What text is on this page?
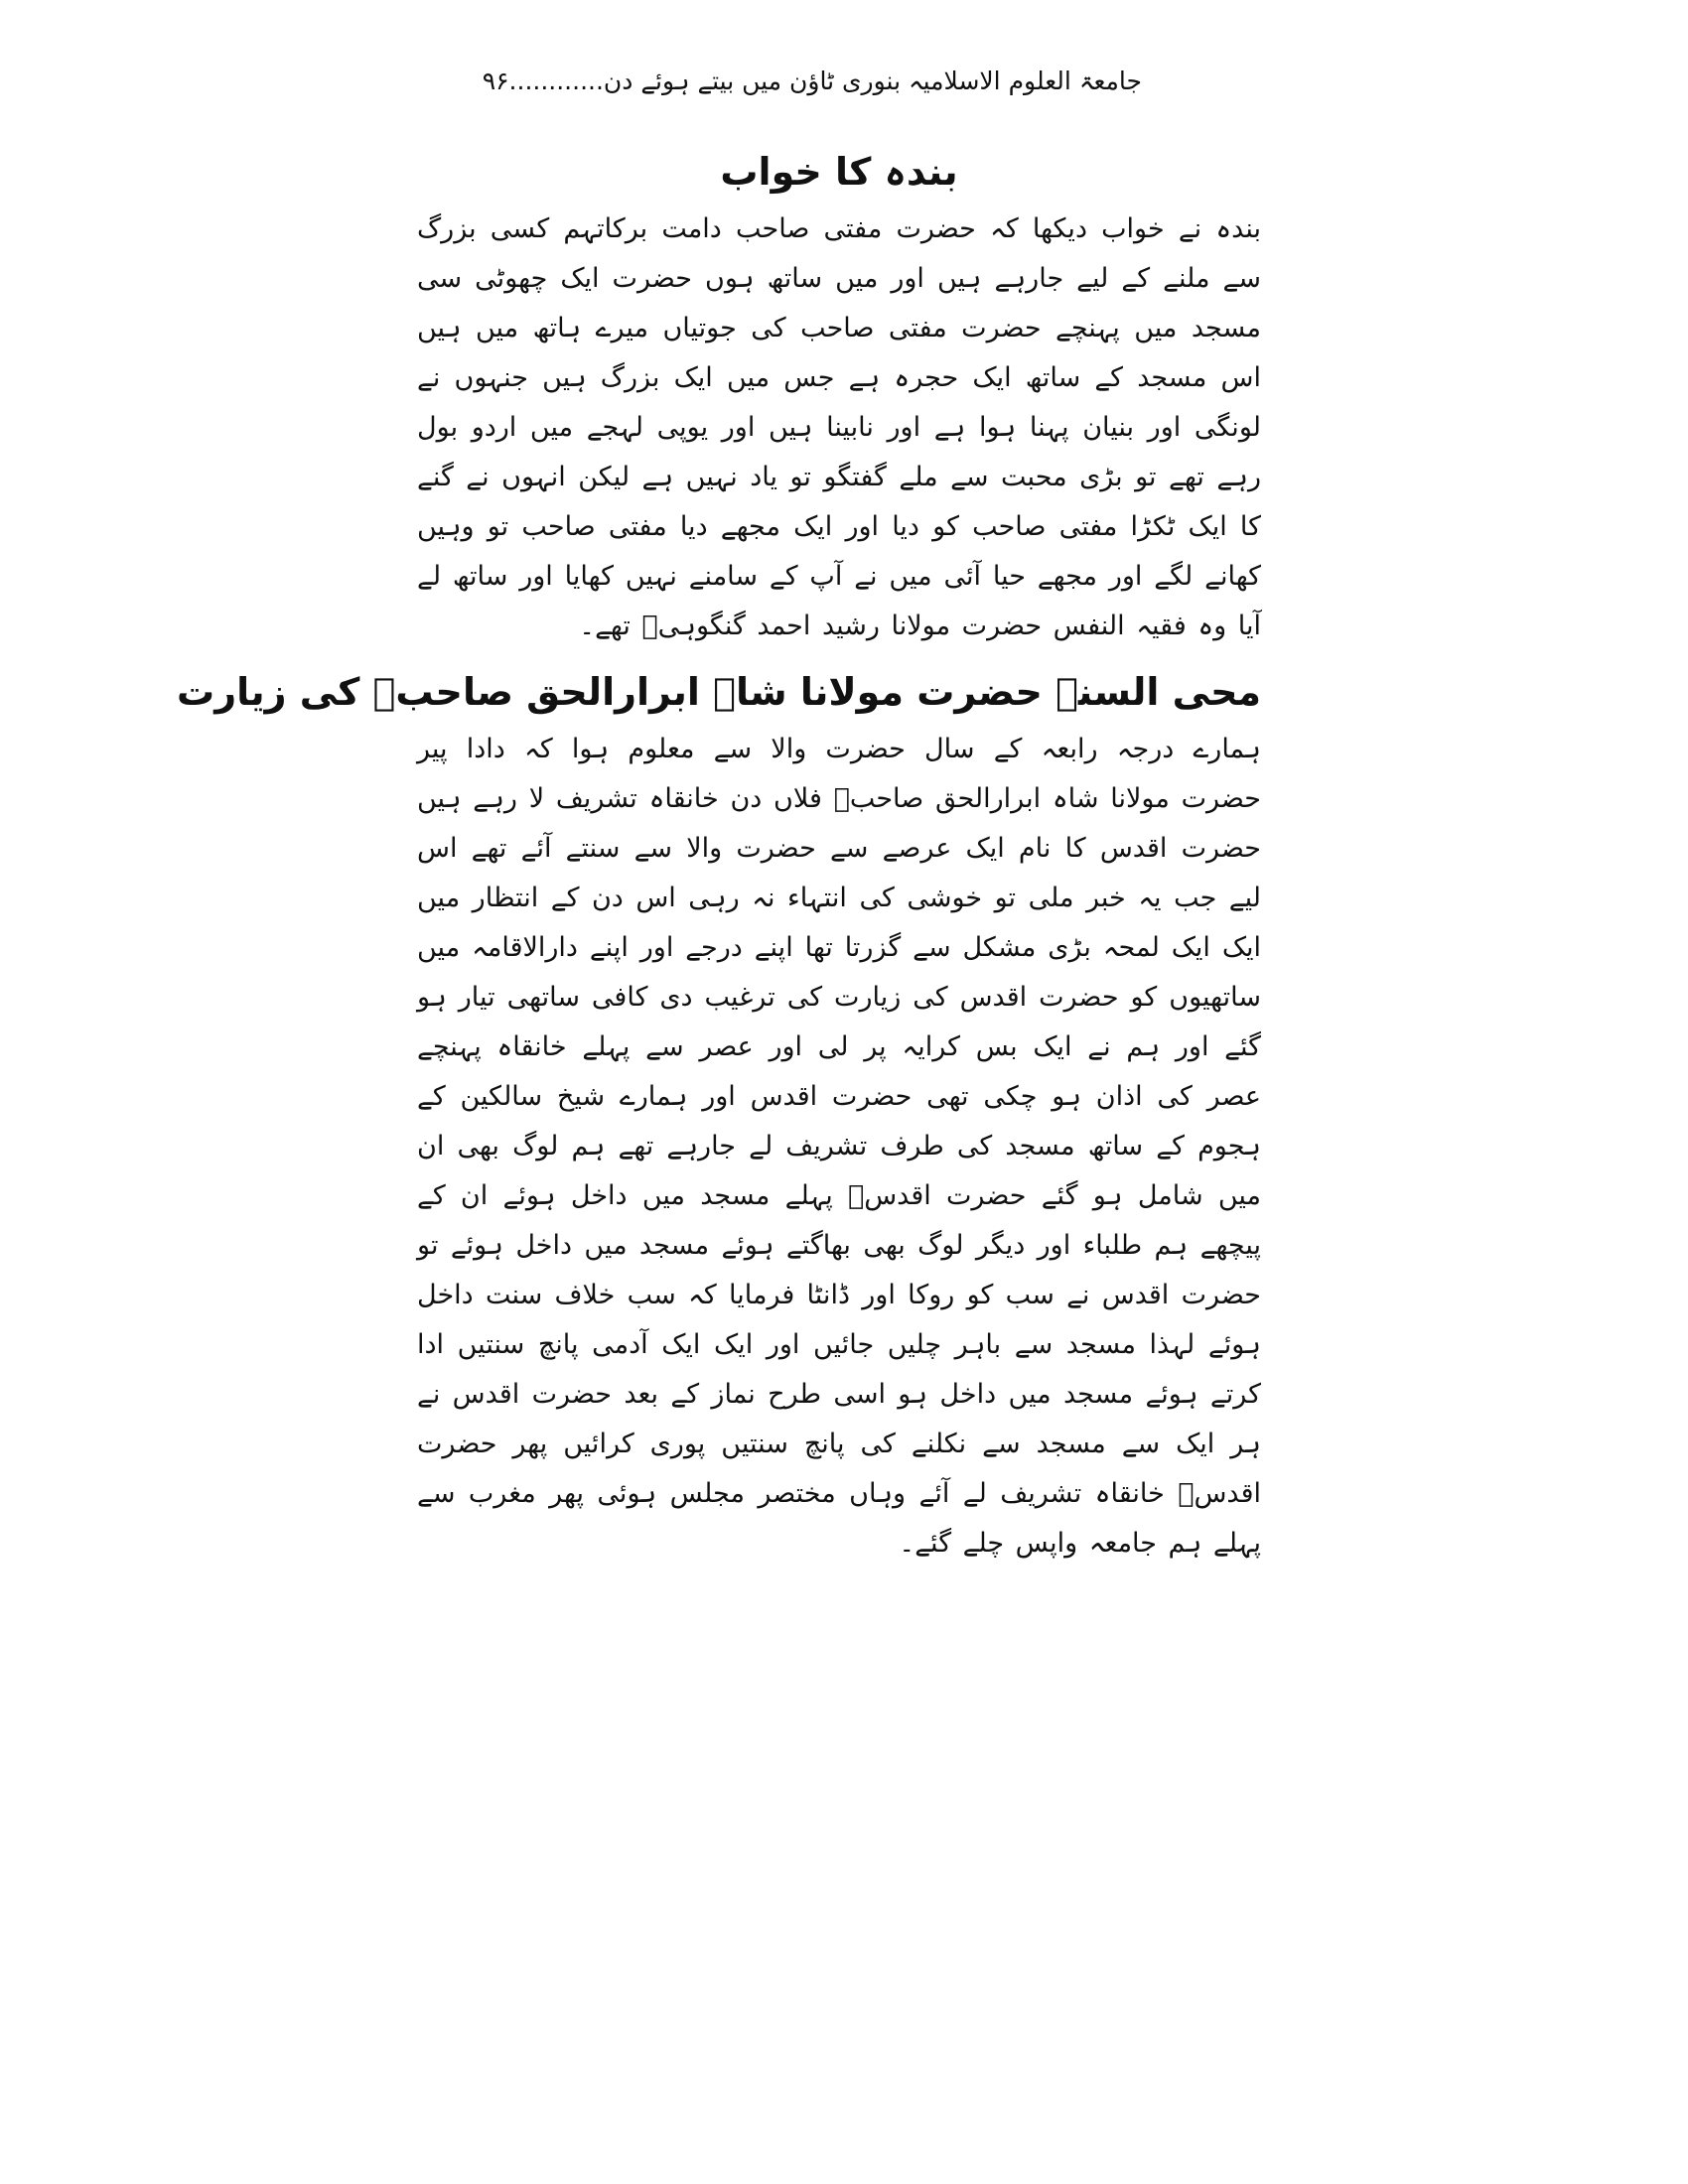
جامعۃ العلوم الاسلامیہ بنوری ٹاؤن میں بیتے ہوئے دن............۹۶
بندہ کا خواب

بندہ نے خواب دیکھا کہ حضرت مفتی صاحب دامت برکاتہم کسی بزرگ سے ملنے کے لیے جارہے ہیں اور میں ساتھ ہوں حضرت ایک چھوٹی سی مسجد میں پہنچے حضرت مفتی صاحب کی جوتیاں میرے ہاتھ میں ہیں اس مسجد کے ساتھ ایک حجرہ ہے جس میں ایک بزرگ ہیں جنہوں نے لونگی اور بنیان پہنا ہوا ہے اور نابینا ہیں اور یوپی لہجے میں اردو بول رہے تھے تو بڑی محبت سے ملے گفتگو تو یاد نہیں ہے لیکن انہوں نے گنے کا ایک ٹکڑا مفتی صاحب کو دیا اور ایک مجھے دیا مفتی صاحب تو وہیں کھانے لگے اور مجھے حیا آئی میں نے آپ کے سامنے نہیں کھایا اور ساتھ لے آیا وہ فقیہ النفس حضرت مولانا رشید احمد گنگوہیؒ تھے۔

محی السنہ حضرت مولانا شاہ ابرارالحق صاحبؒ کی زیارت

ہمارے درجہ رابعہ کے سال حضرت والا سے معلوم ہوا کہ دادا پیر حضرت مولانا شاہ ابرارالحق صاحبؒ فلاں دن خانقاہ تشریف لا رہے ہیں حضرت اقدس کا نام ایک عرصے سے حضرت والا سے سنتے آئے تھے اس لیے جب یہ خبر ملی تو خوشی کی انتہاء نہ رہی اس دن کے انتظار میں ایک ایک لمحہ بڑی مشکل سے گزرتا تھا اپنے درجے اور اپنے دارالاقامہ میں ساتھیوں کو حضرت اقدس کی زیارت کی ترغیب دی کافی ساتھی تیار ہو گئے اور ہم نے ایک بس کرایہ پر لی اور عصر سے پہلے خانقاہ پہنچے عصر کی اذان ہو چکی تھی حضرت اقدس اور ہمارے شیخ سالکین کے ہجوم کے ساتھ مسجد کی طرف تشریف لے جارہے تھے ہم لوگ بھی ان میں شامل ہو گئے حضرت اقدسؒ پہلے مسجد میں داخل ہوئے ان کے پیچھے ہم طلباء اور دیگر لوگ بھی بھاگتے ہوئے مسجد میں داخل ہوئے تو حضرت اقدس نے سب کو روکا اور ڈانٹا فرمایا کہ سب خلاف سنت داخل ہوئے لہذا مسجد سے باہر چلیں جائیں اور ایک ایک آدمی پانچ سنتیں ادا کرتے ہوئے مسجد میں داخل ہو اسی طرح نماز کے بعد حضرت اقدس نے ہر ایک سے مسجد سے نکلنے کی پانچ سنتیں پوری کرائیں پھر حضرت اقدسؒ خانقاہ تشریف لے آئے وہاں مختصر مجلس ہوئی پھر مغرب سے پہلے ہم جامعہ واپس چلے گئے۔
